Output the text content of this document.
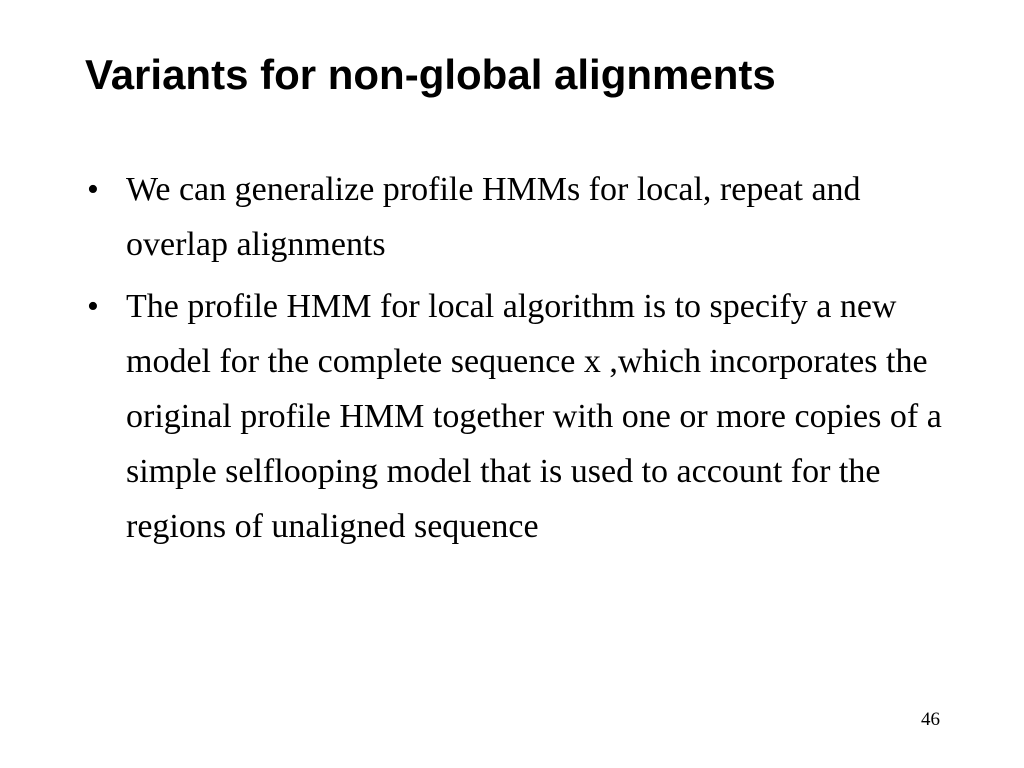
Variants for non-global alignments
• We can generalize profile HMMs for local, repeat and overlap alignments
• The profile HMM for local algorithm is to specify a new model for the complete sequence x ,which incorporates the original profile HMM together with one or more copies of a simple selflooping model that is used to account for the regions of unaligned sequence
46
